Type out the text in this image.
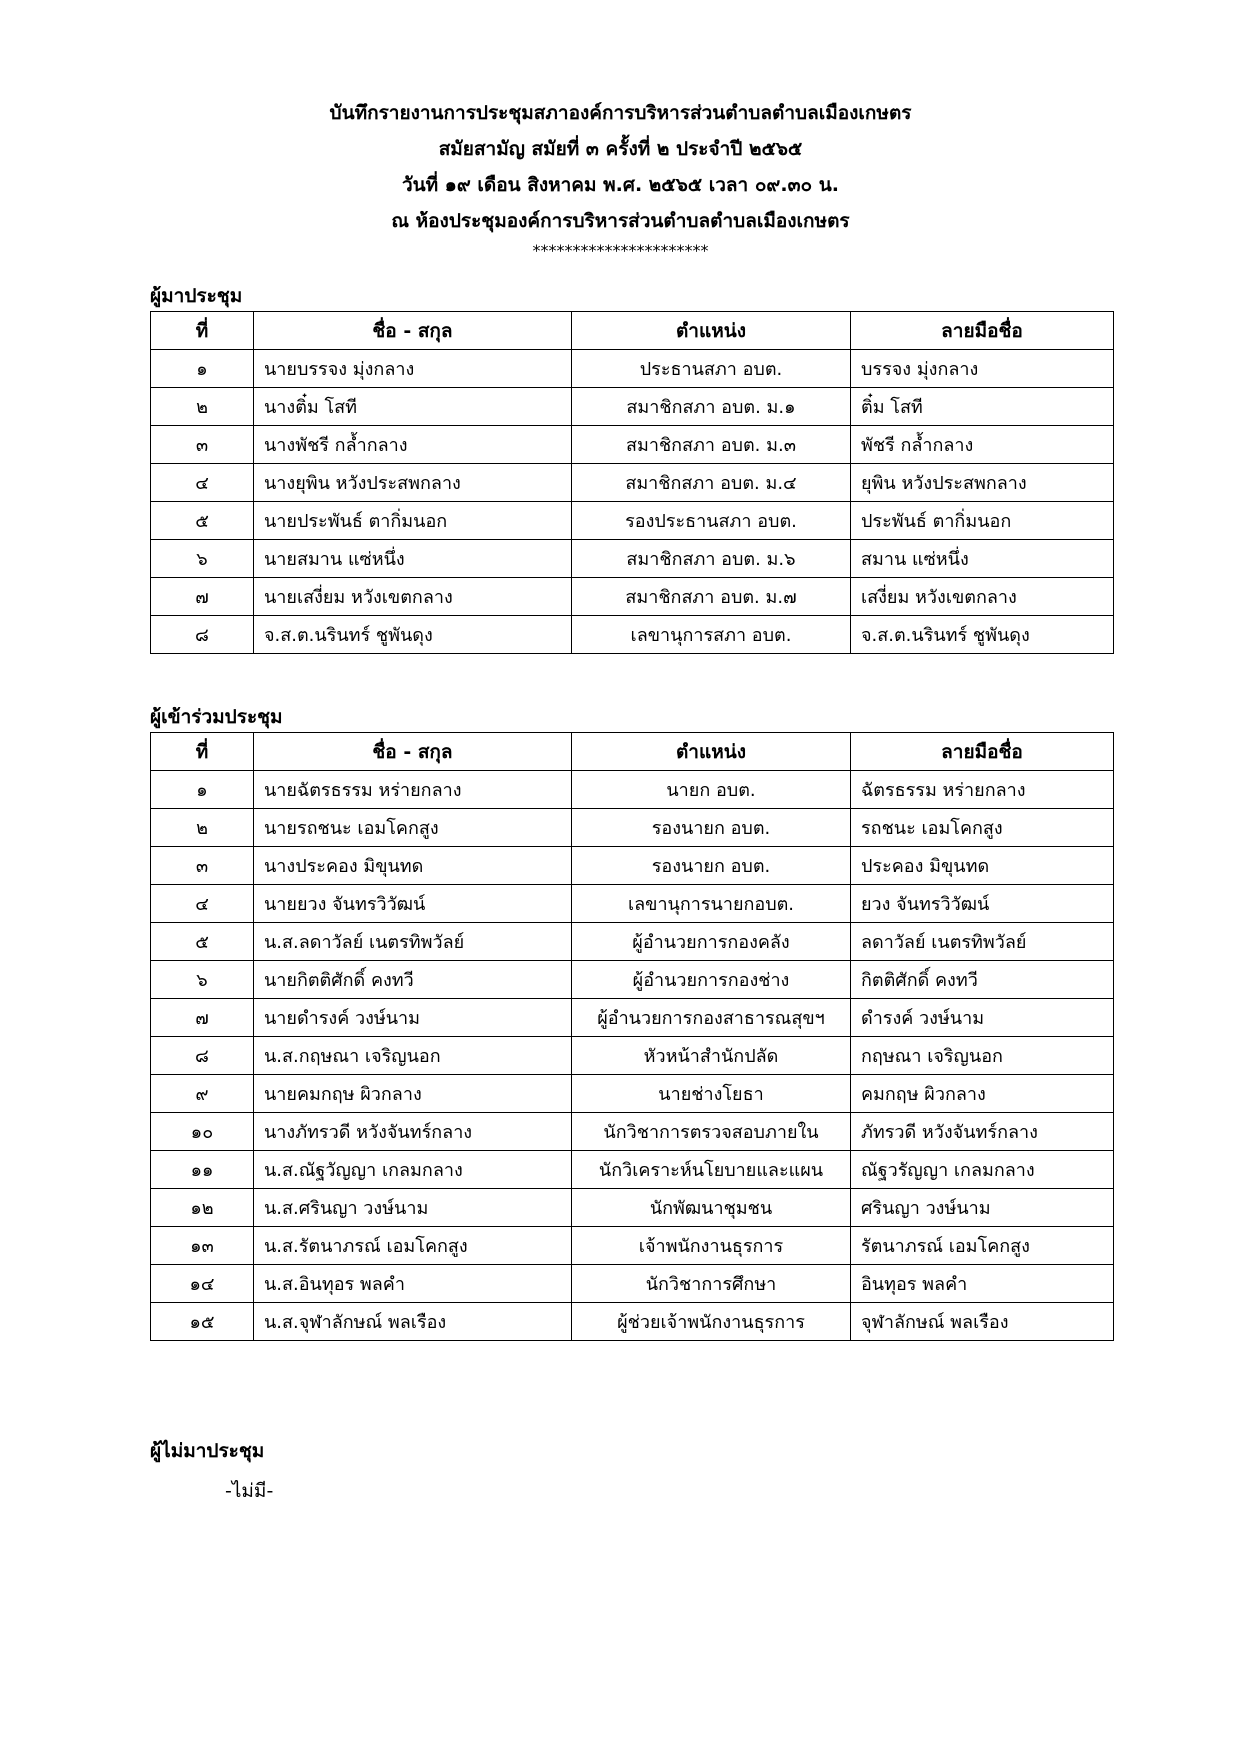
บันทึกรายงานการประชุมสภาองค์การบริหารส่วนตำบลตำบลเมืองเกษตร
สมัยสามัญ สมัยที่ ๓ ครั้งที่ ๒ ประจำปี ๒๕๖๕
วันที่ ๑๙ เดือน สิงหาคม พ.ศ. ๒๕๖๕ เวลา ๐๙.๓๐ น.
ณ ห้องประชุมองค์การบริหารส่วนตำบลตำบลเมืองเกษตร
**********************
ผู้มาประชุม
ที่	ชื่อ - สกุล	ตำแหน่ง	ลายมือชื่อ
๑	นายบรรจง มุ่งกลาง	ประธานสภา อบต.	บรรจง มุ่งกลาง
๒	นางติ๋ม โสที	สมาชิกสภา อบต. ม.๑	ติ๋ม โสที
๓	นางพัชรี กล้ำกลาง	สมาชิกสภา อบต. ม.๓	พัชรี กล้ำกลาง
๔	นางยุพิน หวังประสพกลาง	สมาชิกสภา อบต. ม.๔	ยุพิน หวังประสพกลาง
๕	นายประพันธ์ ตากิ่มนอก	รองประธานสภา อบต.	ประพันธ์ ตากิ่มนอก
๖	นายสมาน แซ่หนึ่ง	สมาชิกสภา อบต. ม.๖	สมาน แซ่หนึ่ง
๗	นายเสงี่ยม หวังเขตกลาง	สมาชิกสภา อบต. ม.๗	เสงี่ยม หวังเขตกลาง
๘	จ.ส.ต.นรินทร์ ชูพันดุง	เลขานุการสภา อบต.	จ.ส.ต.นรินทร์ ชูพันดุง
ผู้เข้าร่วมประชุม
ที่	ชื่อ - สกุล	ตำแหน่ง	ลายมือชื่อ
๑	นายฉัตรธรรม หร่ายกลาง	นายก อบต.	ฉัตรธรรม หร่ายกลาง
๒	นายรถชนะ เอมโคกสูง	รองนายก อบต.	รถชนะ เอมโคกสูง
๓	นางประคอง มิขุนทด	รองนายก อบต.	ประคอง มิขุนทด
๔	นายยวง จันทรวิวัฒน์	เลขานุการนายกอบต.	ยวง จันทรวิวัฒน์
๕	น.ส.ลดาวัลย์ เนตรทิพวัลย์	ผู้อำนวยการกองคลัง	ลดาวัลย์ เนตรทิพวัลย์
๖	นายกิตติศักดิ์ คงทวี	ผู้อำนวยการกองช่าง	กิตติศักดิ์ คงทวี
๗	นายดำรงค์ วงษ์นาม	ผู้อำนวยการกองสาธารณสุขฯ	ดำรงค์ วงษ์นาม
๘	น.ส.กฤษณา เจริญนอก	หัวหน้าสำนักปลัด	กฤษณา เจริญนอก
๙	นายคมกฤษ ผิวกลาง	นายช่างโยธา	คมกฤษ ผิวกลาง
๑๐	นางภัทรวดี หวังจันทร์กลาง	นักวิชาการตรวจสอบภายใน	ภัทรวดี หวังจันทร์กลาง
๑๑	น.ส.ณัฐวัญญา เกลมกลาง	นักวิเคราะห์นโยบายและแผน	ณัฐวรัญญา เกลมกลาง
๑๒	น.ส.ศรินญา วงษ์นาม	นักพัฒนาชุมชน	ศรินญา วงษ์นาม
๑๓	น.ส.รัตนาภรณ์ เอมโคกสูง	เจ้าพนักงานธุรการ	รัตนาภรณ์ เอมโคกสูง
๑๔	น.ส.อินทุอร พลคำ	นักวิชาการศึกษา	อินทุอร พลคำ
๑๕	น.ส.จุฬาลักษณ์ พลเรือง	ผู้ช่วยเจ้าพนักงานธุรการ	จุฬาลักษณ์ พลเรือง
ผู้ไม่มาประชุม
-ไม่มี-
